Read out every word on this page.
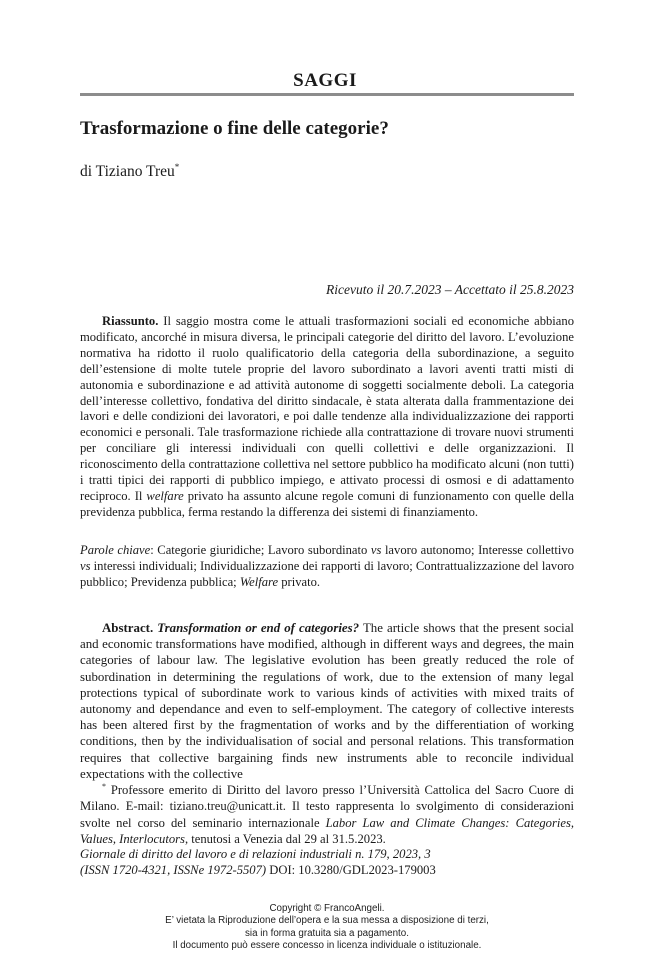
SAGGI
Trasformazione o fine delle categorie?
di Tiziano Treu*
Ricevuto il 20.7.2023 – Accettato il 25.8.2023

Riassunto. Il saggio mostra come le attuali trasformazioni sociali ed economiche abbiano modificato, ancorché in misura diversa, le principali categorie del diritto del lavoro. L’evoluzione normativa ha ridotto il ruolo qualificatorio della categoria della subordinazione, a seguito dell’estensione di molte tutele proprie del lavoro subordinato a lavori aventi tratti misti di autonomia e subordinazione e ad attività autonome di soggetti socialmente deboli. La categoria dell’interesse collettivo, fondativa del diritto sindacale, è stata alterata dalla frammentazione dei lavori e delle condizioni dei lavoratori, e poi dalle tendenze alla individualizzazione dei rapporti economici e personali. Tale trasformazione richiede alla contrattazione di trovare nuovi strumenti per conciliare gli interessi individuali con quelli collettivi e delle organizzazioni. Il riconoscimento della contrattazione collettiva nel settore pubblico ha modificato alcuni (non tutti) i tratti tipici dei rapporti di pubblico impiego, e attivato processi di osmosi e di adattamento reciproco. Il welfare privato ha assunto alcune regole comuni di funzionamento con quelle della previdenza pubblica, ferma restando la differenza dei sistemi di finanziamento.

Parole chiave: Categorie giuridiche; Lavoro subordinato vs lavoro autonomo; Interesse collettivo vs interessi individuali; Individualizzazione dei rapporti di lavoro; Contrattualizzazione del lavoro pubblico; Previdenza pubblica; Welfare privato.

Abstract. Transformation or end of categories? The article shows that the present social and economic transformations have modified, although in different ways and degrees, the main categories of labour law. The legislative evolution has been greatly reduced the role of subordination in determining the regulations of work, due to the extension of many legal protections typical of subordinate work to various kinds of activities with mixed traits of autonomy and dependance and even to self-employment. The category of collective interests has been altered first by the fragmentation of works and by the differentiation of working conditions, then by the individualisation of social and personal relations. This transformation requires that collective bargaining finds new instruments able to reconcile individual expectations with the collective

* Professore emerito di Diritto del lavoro presso l’Università Cattolica del Sacro Cuore di Milano. E-mail: tiziano.treu@unicatt.it. Il testo rappresenta lo svolgimento di considerazioni svolte nel corso del seminario internazionale Labor Law and Climate Changes: Categories, Values, Interlocutors, tenutosi a Venezia dal 29 al 31.5.2023.

Giornale di diritto del lavoro e di relazioni industriali n. 179, 2023, 3
(ISSN 1720-4321, ISSNe 1972-5507) DOI: 10.3280/GDL2023-179003
Copyright © FrancoAngeli.
E’ vietata la Riproduzione dell’opera e la sua messa a disposizione di terzi,
sia in forma gratuita sia a pagamento.
Il documento può essere concesso in licenza individuale o istituzionale.
